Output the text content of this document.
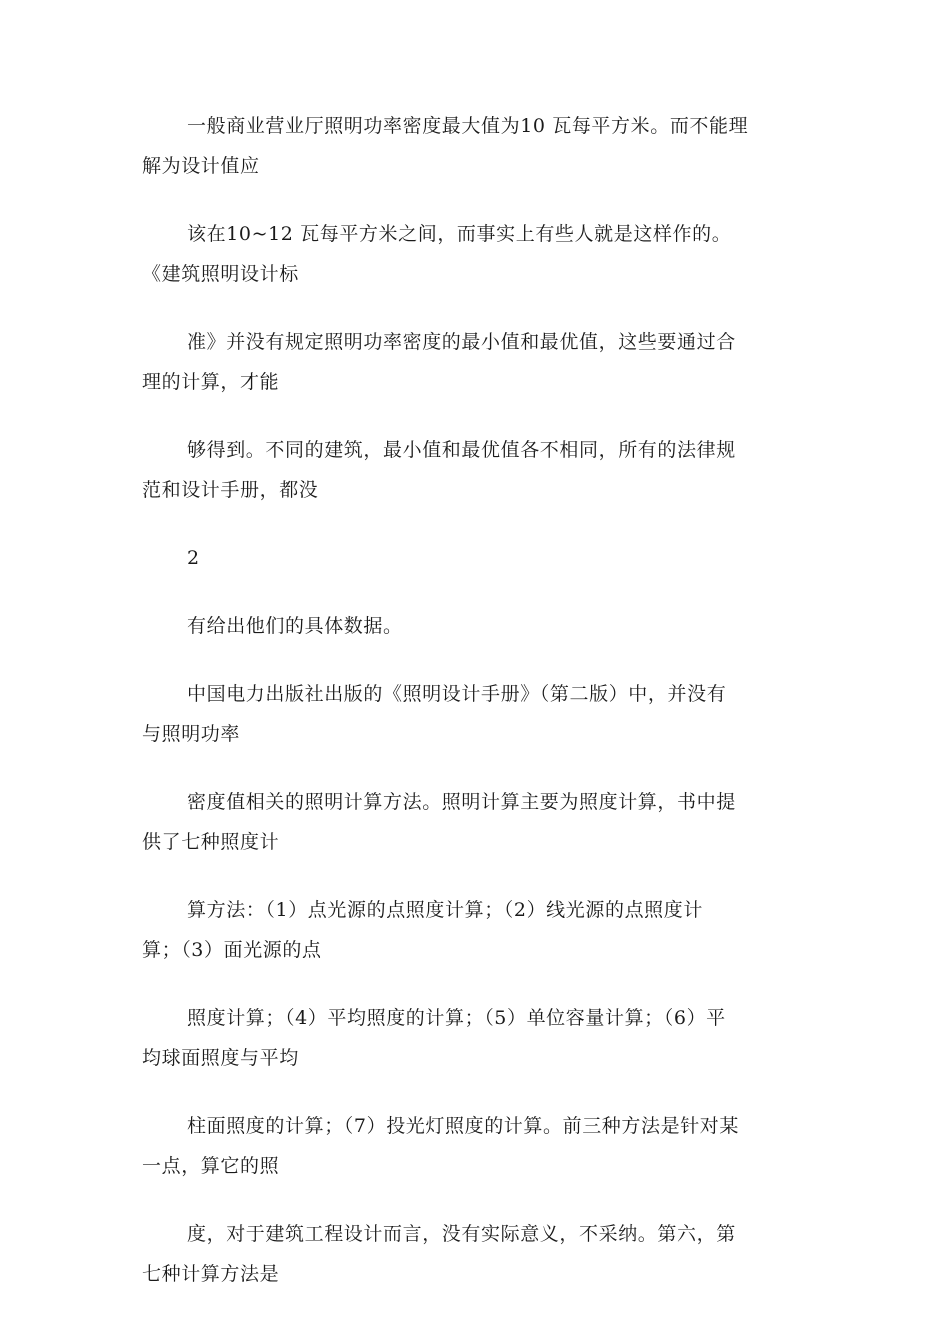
一般商业营业厅照明功率密度最大值为10 瓦每平方米。而不能理
解为设计值应

该在10~12 瓦每平方米之间，而事实上有些人就是这样作的。
《建筑照明设计标

准》并没有规定照明功率密度的最小值和最优值，这些要通过合
理的计算，才能

够得到。不同的建筑，最小值和最优值各不相同，所有的法律规
范和设计手册，都没

2

有给出他们的具体数据。

中国电力出版社出版的《照明设计手册》（第二版）中，并没有
与照明功率

密度值相关的照明计算方法。照明计算主要为照度计算，书中提
供了七种照度计

算方法：（1）点光源的点照度计算；（2）线光源的点照度计
算；（3）面光源的点

照度计算；（4）平均照度的计算；（5）单位容量计算；（6）平
均球面照度与平均

柱面照度的计算；（7）投光灯照度的计算。前三种方法是针对某
一点，算它的照

度，对于建筑工程设计而言，没有实际意义，不采纳。第六，第
七种计算方法是
